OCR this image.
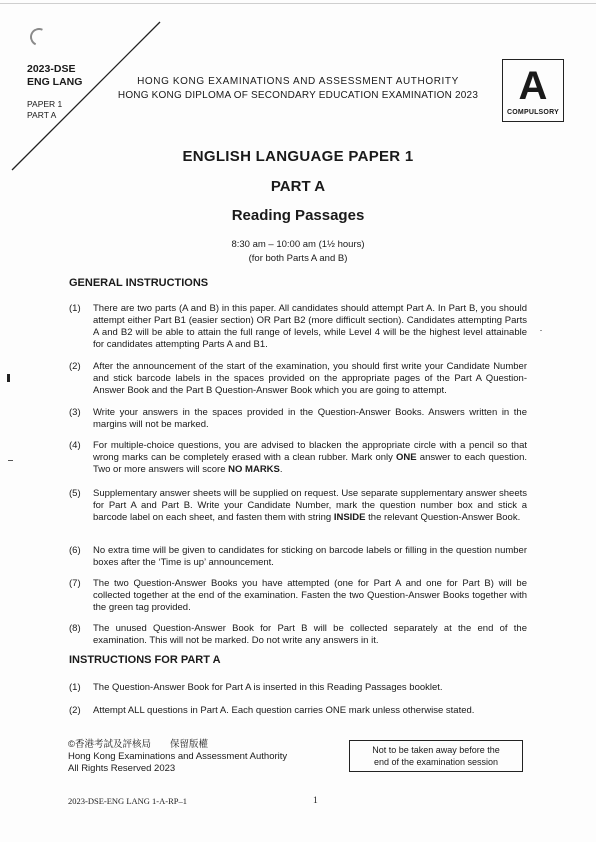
2023-DSE
ENG LANG
PAPER 1
PART A
HONG KONG EXAMINATIONS AND ASSESSMENT AUTHORITY
HONG KONG DIPLOMA OF SECONDARY EDUCATION EXAMINATION 2023	A
COMPULSORY
ENGLISH LANGUAGE PAPER 1
PART A
Reading Passages
8:30 am – 10:00 am (1½ hours)
(for both Parts A and B)
GENERAL INSTRUCTIONS
(1) There are two parts (A and B) in this paper. All candidates should attempt Part A. In Part B, you should attempt either Part B1 (easier section) OR Part B2 (more difficult section). Candidates attempting Parts A and B2 will be able to attain the full range of levels, while Level 4 will be the highest level attainable for candidates attempting Parts A and B1.
(2) After the announcement of the start of the examination, you should first write your Candidate Number and stick barcode labels in the spaces provided on the appropriate pages of the Part A Question-Answer Book and the Part B Question-Answer Book which you are going to attempt.
(3) Write your answers in the spaces provided in the Question-Answer Books. Answers written in the margins will not be marked.
(4) For multiple-choice questions, you are advised to blacken the appropriate circle with a pencil so that wrong marks can be completely erased with a clean rubber. Mark only ONE answer to each question. Two or more answers will score NO MARKS.
(5) Supplementary answer sheets will be supplied on request. Use separate supplementary answer sheets for Part A and Part B. Write your Candidate Number, mark the question number box and stick a barcode label on each sheet, and fasten them with string INSIDE the relevant Question-Answer Book.
(6) No extra time will be given to candidates for sticking on barcode labels or filling in the question number boxes after the ‘Time is up’ announcement.
(7) The two Question-Answer Books you have attempted (one for Part A and one for Part B) will be collected together at the end of the examination. Fasten the two Question-Answer Books together with the green tag provided.
(8) The unused Question-Answer Book for Part B will be collected separately at the end of the examination. This will not be marked. Do not write any answers in it.
INSTRUCTIONS FOR PART A
(1) The Question-Answer Book for Part A is inserted in this Reading Passages booklet.
(2) Attempt ALL questions in Part A. Each question carries ONE mark unless otherwise stated.
©香港考試及評核局　　保留版權
Hong Kong Examinations and Assessment Authority
All Rights Reserved 2023
Not to be taken away before the
end of the examination session
2023-DSE-ENG LANG 1-A-RP–1	1
